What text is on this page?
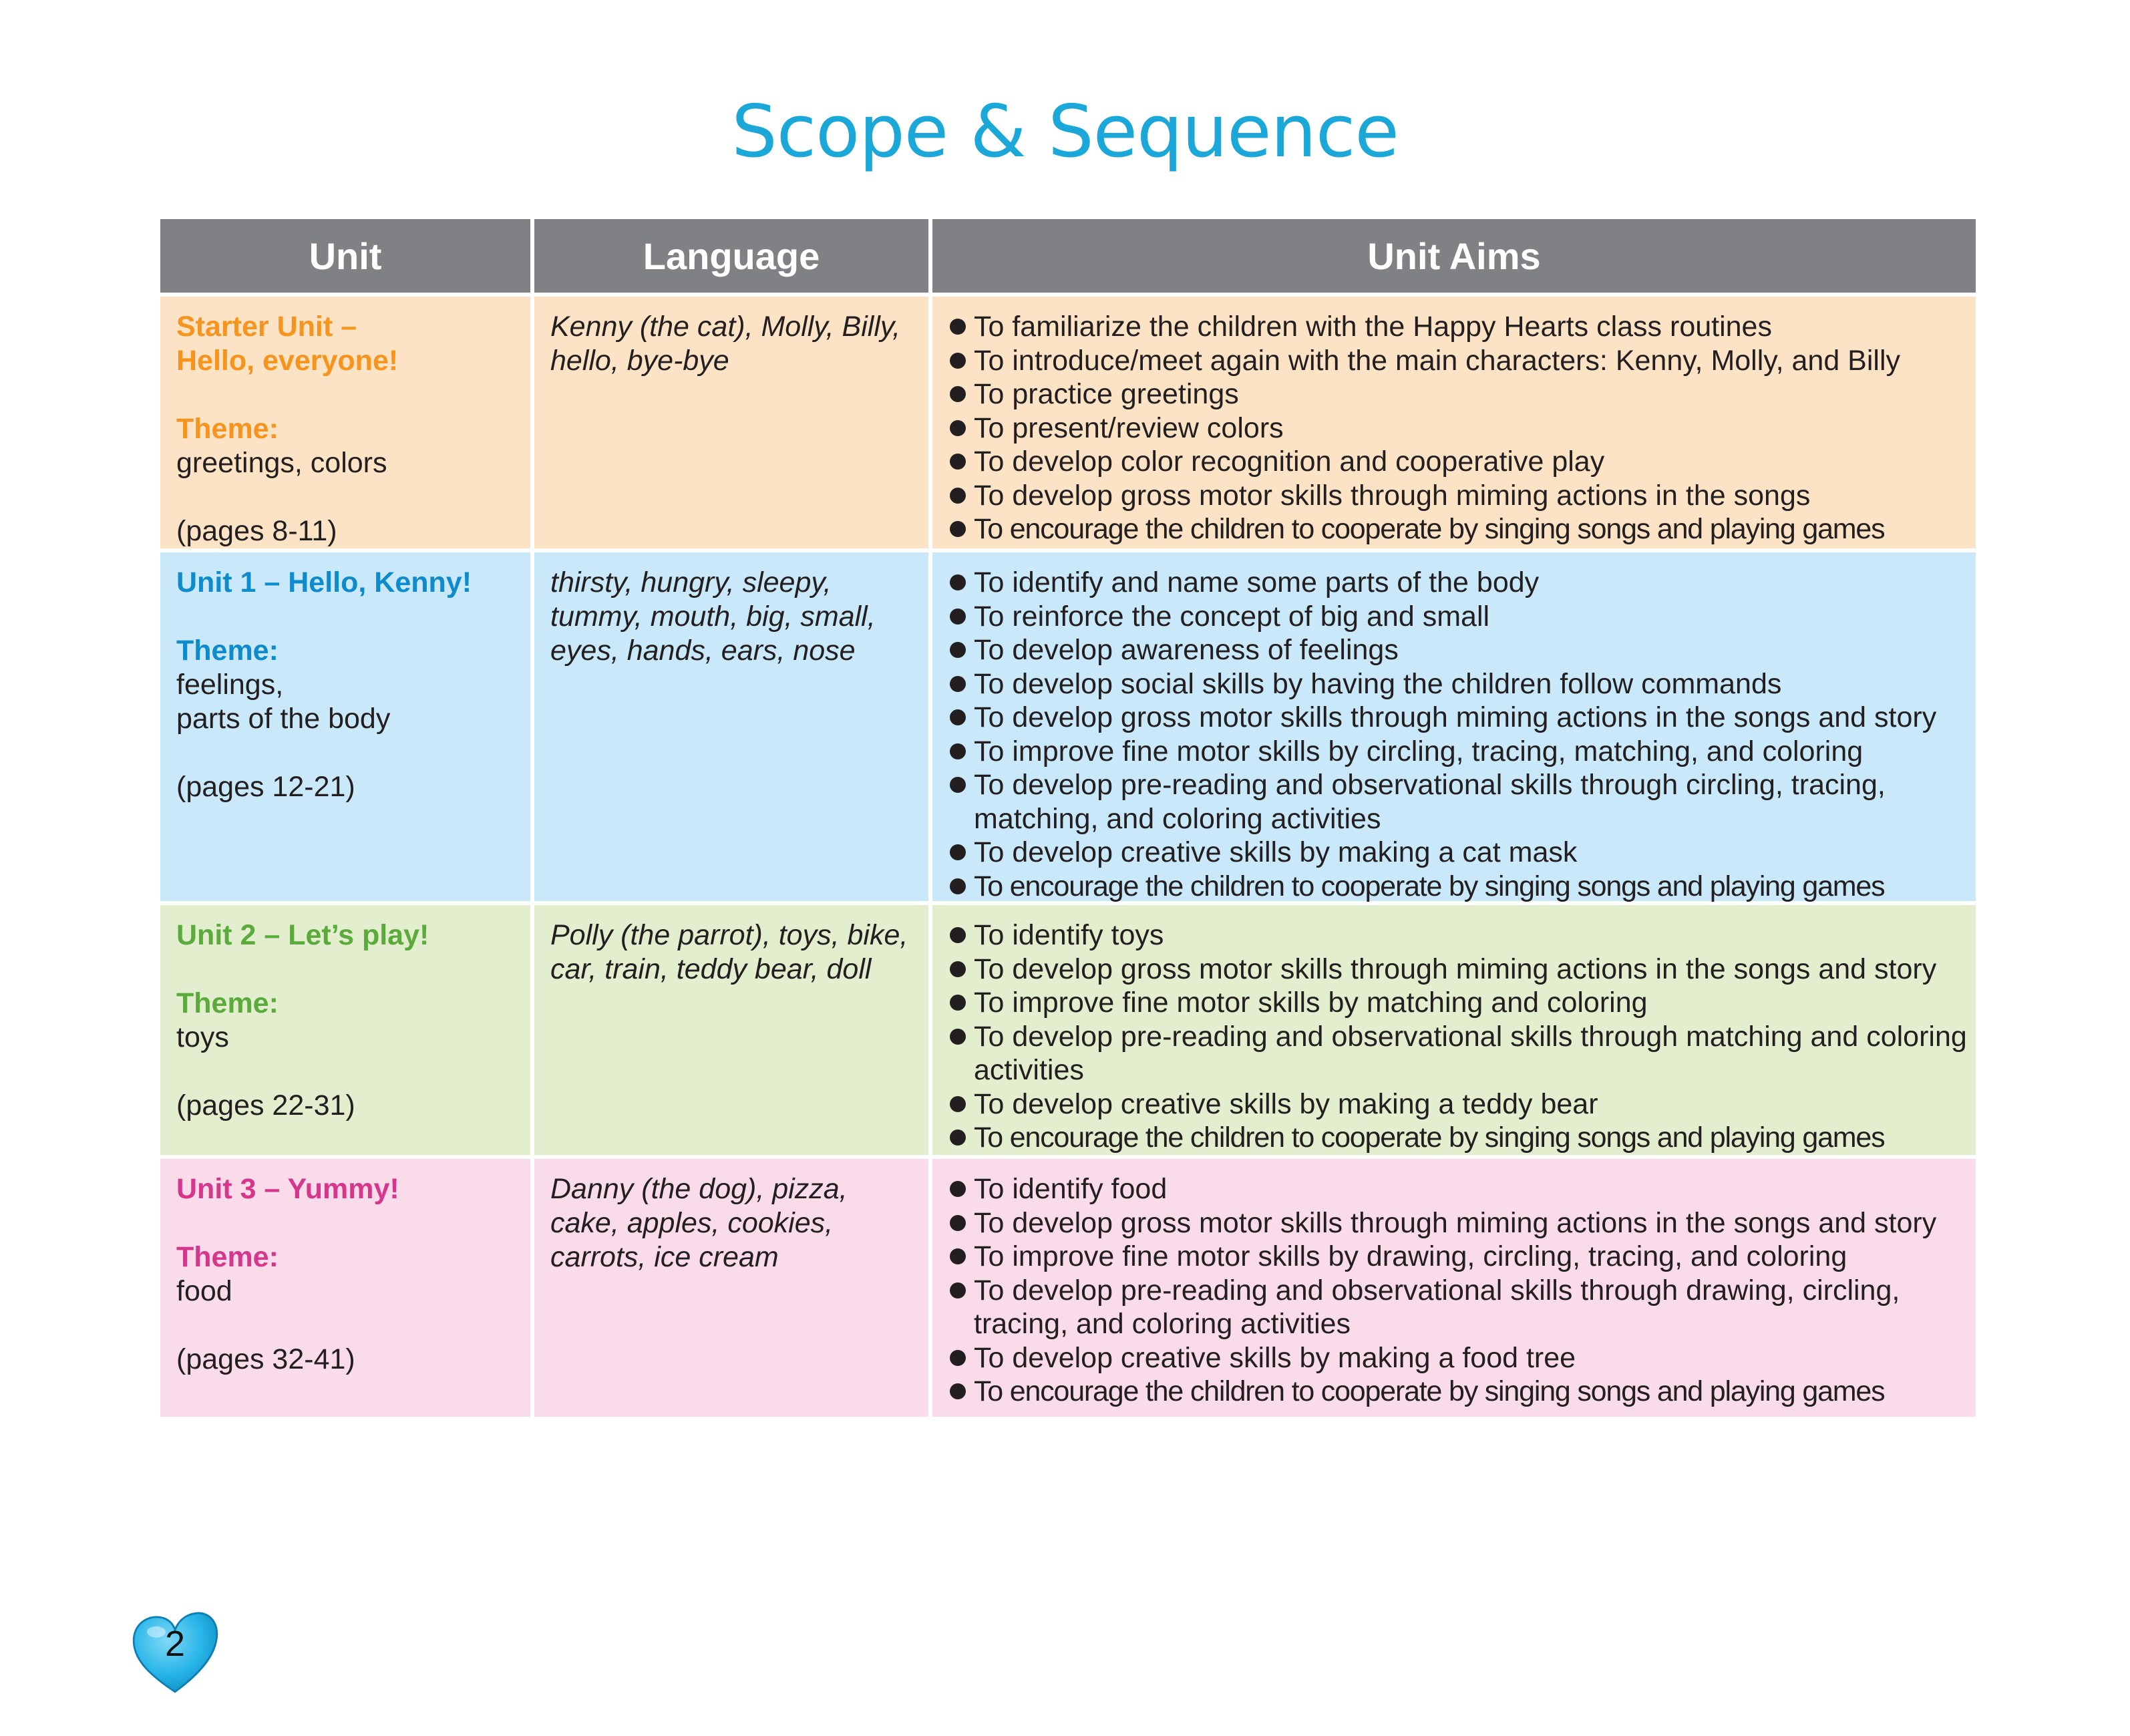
Scope & Sequence
Unit	Language	Unit Aims
Starter Unit –
Hello, everyone!
Theme:
greetings, colors
(pages 8-11)
Kenny (the cat), Molly, Billy,
hello, bye-bye
To familiarize the children with the Happy Hearts class routines
To introduce/meet again with the main characters: Kenny, Molly, and Billy
To practice greetings
To present/review colors
To develop color recognition and cooperative play
To develop gross motor skills through miming actions in the songs
To encourage the children to cooperate by singing songs and playing games
Unit 1 – Hello, Kenny!
Theme:
feelings,
parts of the body
(pages 12-21)
thirsty, hungry, sleepy,
tummy, mouth, big, small,
eyes, hands, ears, nose
To identify and name some parts of the body
To reinforce the concept of big and small
To develop awareness of feelings
To develop social skills by having the children follow commands
To develop gross motor skills through miming actions in the songs and story
To improve fine motor skills by circling, tracing, matching, and coloring
To develop pre-reading and observational skills through circling, tracing, matching, and coloring activities
To develop creative skills by making a cat mask
To encourage the children to cooperate by singing songs and playing games
Unit 2 – Let’s play!
Theme:
toys
(pages 22-31)
Polly (the parrot), toys, bike,
car, train, teddy bear, doll
To identify toys
To develop gross motor skills through miming actions in the songs and story
To improve fine motor skills by matching and coloring
To develop pre-reading and observational skills through matching and coloring activities
To develop creative skills by making a teddy bear
To encourage the children to cooperate by singing songs and playing games
Unit 3 – Yummy!
Theme:
food
(pages 32-41)
Danny (the dog), pizza,
cake, apples, cookies,
carrots, ice cream
To identify food
To develop gross motor skills through miming actions in the songs and story
To improve fine motor skills by drawing, circling, tracing, and coloring
To develop pre-reading and observational skills through drawing, circling, tracing, and coloring activities
To develop creative skills by making a food tree
To encourage the children to cooperate by singing songs and playing games
2
